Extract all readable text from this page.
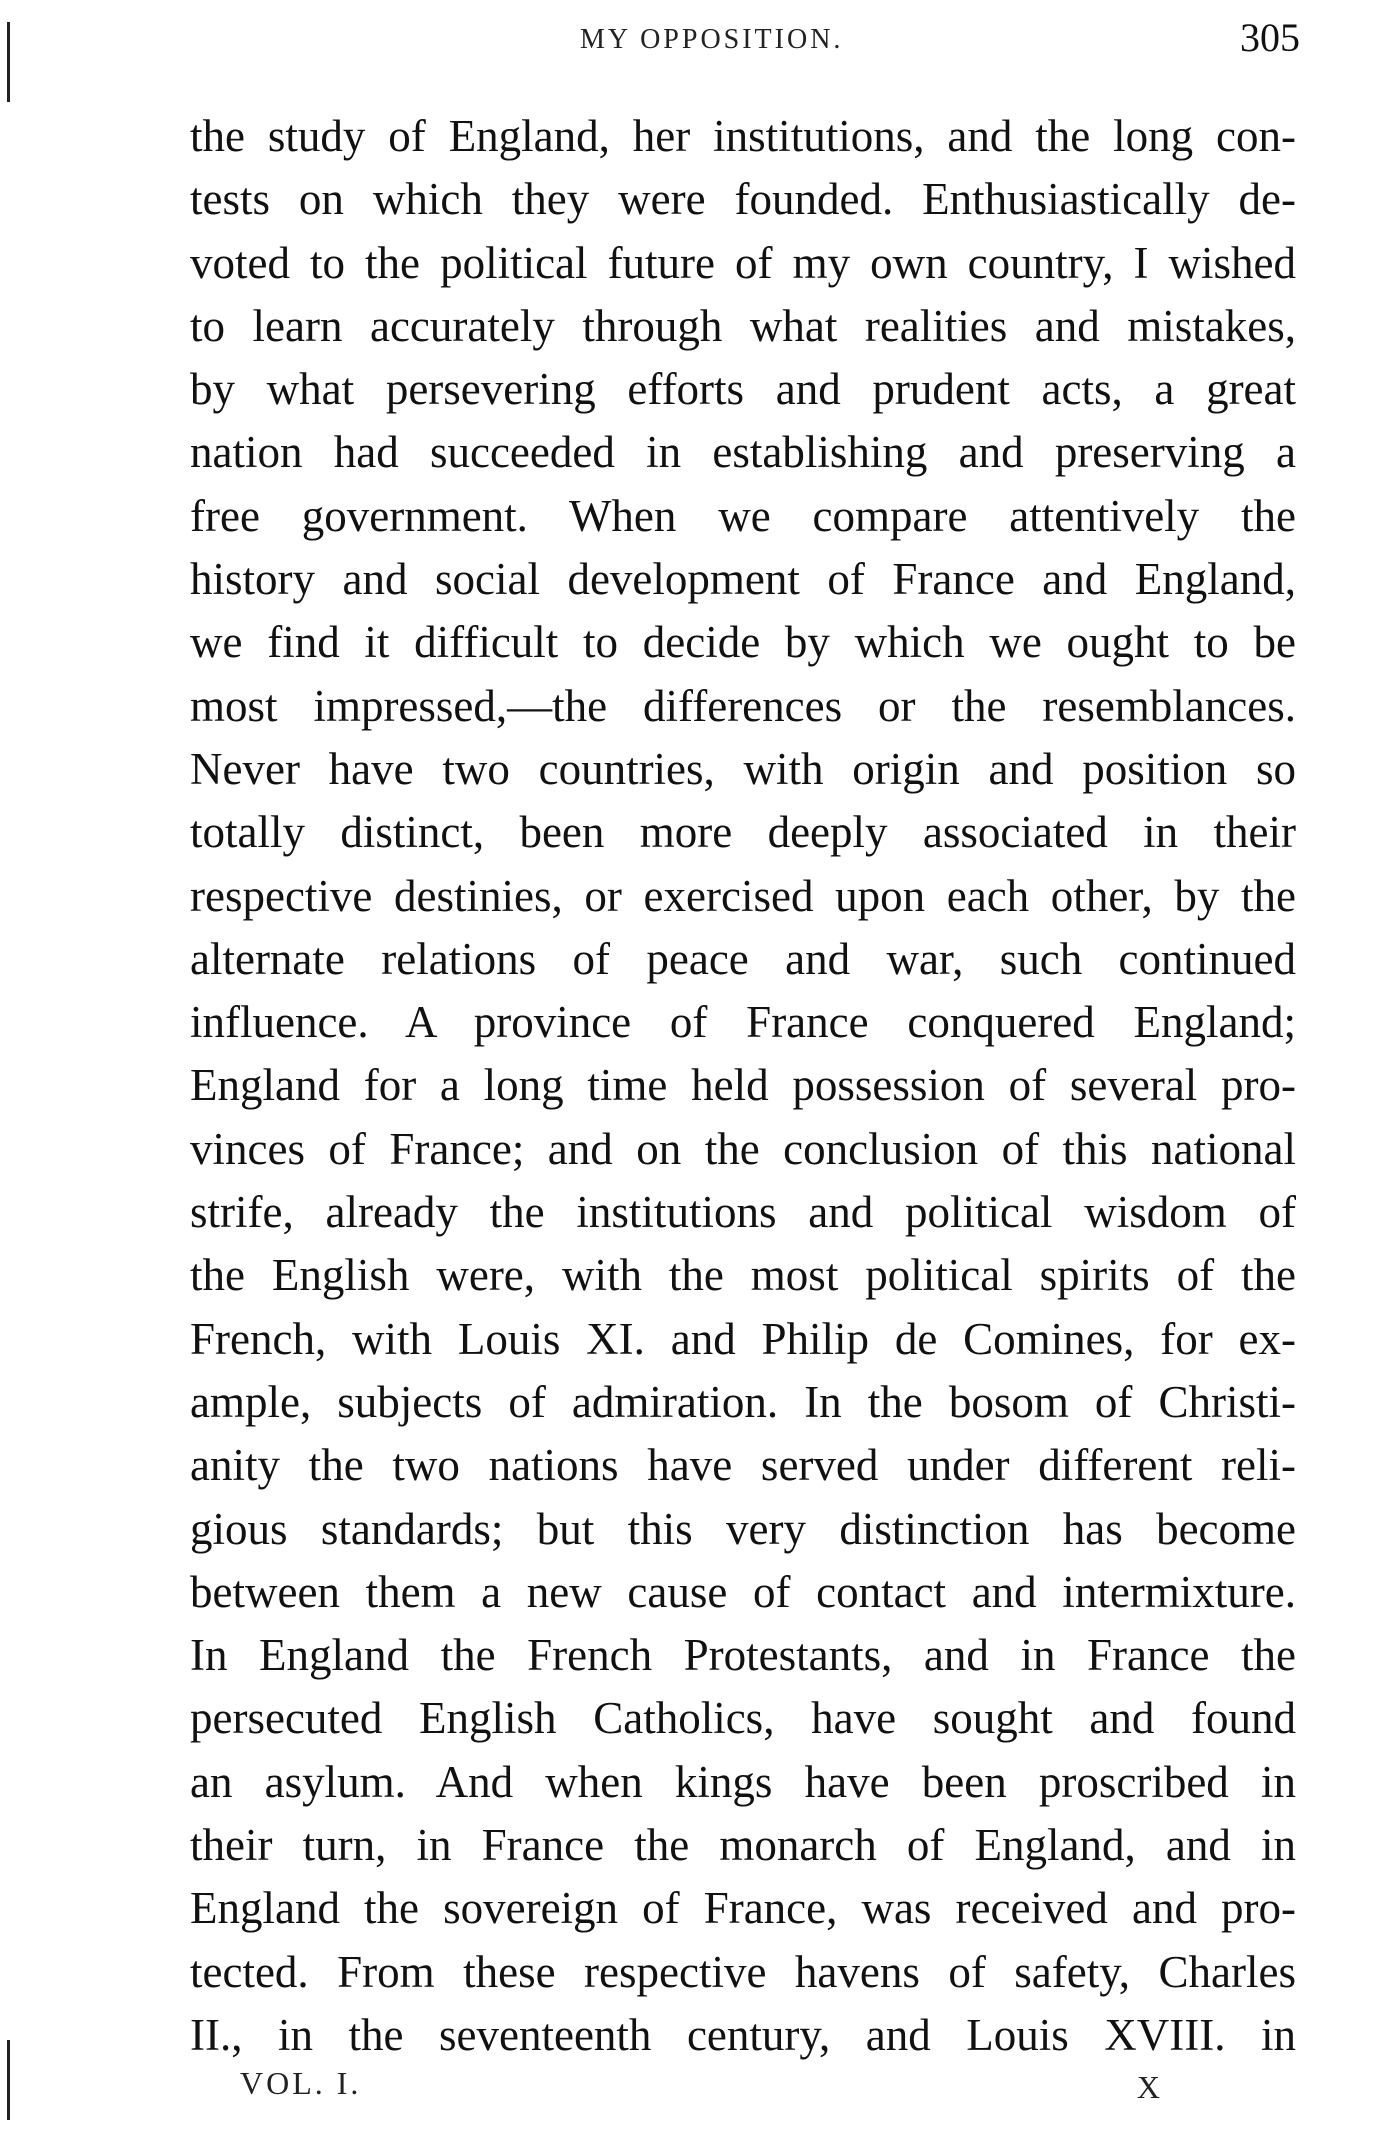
MY OPPOSITION.	305
the study of England, her institutions, and the long con-
tests on which they were founded. Enthusiastically de-
voted to the political future of my own country, I wished
to learn accurately through what realities and mistakes,
by what persevering efforts and prudent acts, a great
nation had succeeded in establishing and preserving a
free government. When we compare attentively the
history and social development of France and England,
we find it difficult to decide by which we ought to be
most impressed,—the differences or the resemblances.
Never have two countries, with origin and position so
totally distinct, been more deeply associated in their
respective destinies, or exercised upon each other, by the
alternate relations of peace and war, such continued
influence. A province of France conquered England;
England for a long time held possession of several pro-
vinces of France; and on the conclusion of this national
strife, already the institutions and political wisdom of
the English were, with the most political spirits of the
French, with Louis XI. and Philip de Comines, for ex-
ample, subjects of admiration. In the bosom of Christi-
anity the two nations have served under different reli-
gious standards; but this very distinction has become
between them a new cause of contact and intermixture.
In England the French Protestants, and in France the
persecuted English Catholics, have sought and found
an asylum. And when kings have been proscribed in
their turn, in France the monarch of England, and in
England the sovereign of France, was received and pro-
tected. From these respective havens of safety, Charles
II., in the seventeenth century, and Louis XVIII. in
VOL. I.	X
